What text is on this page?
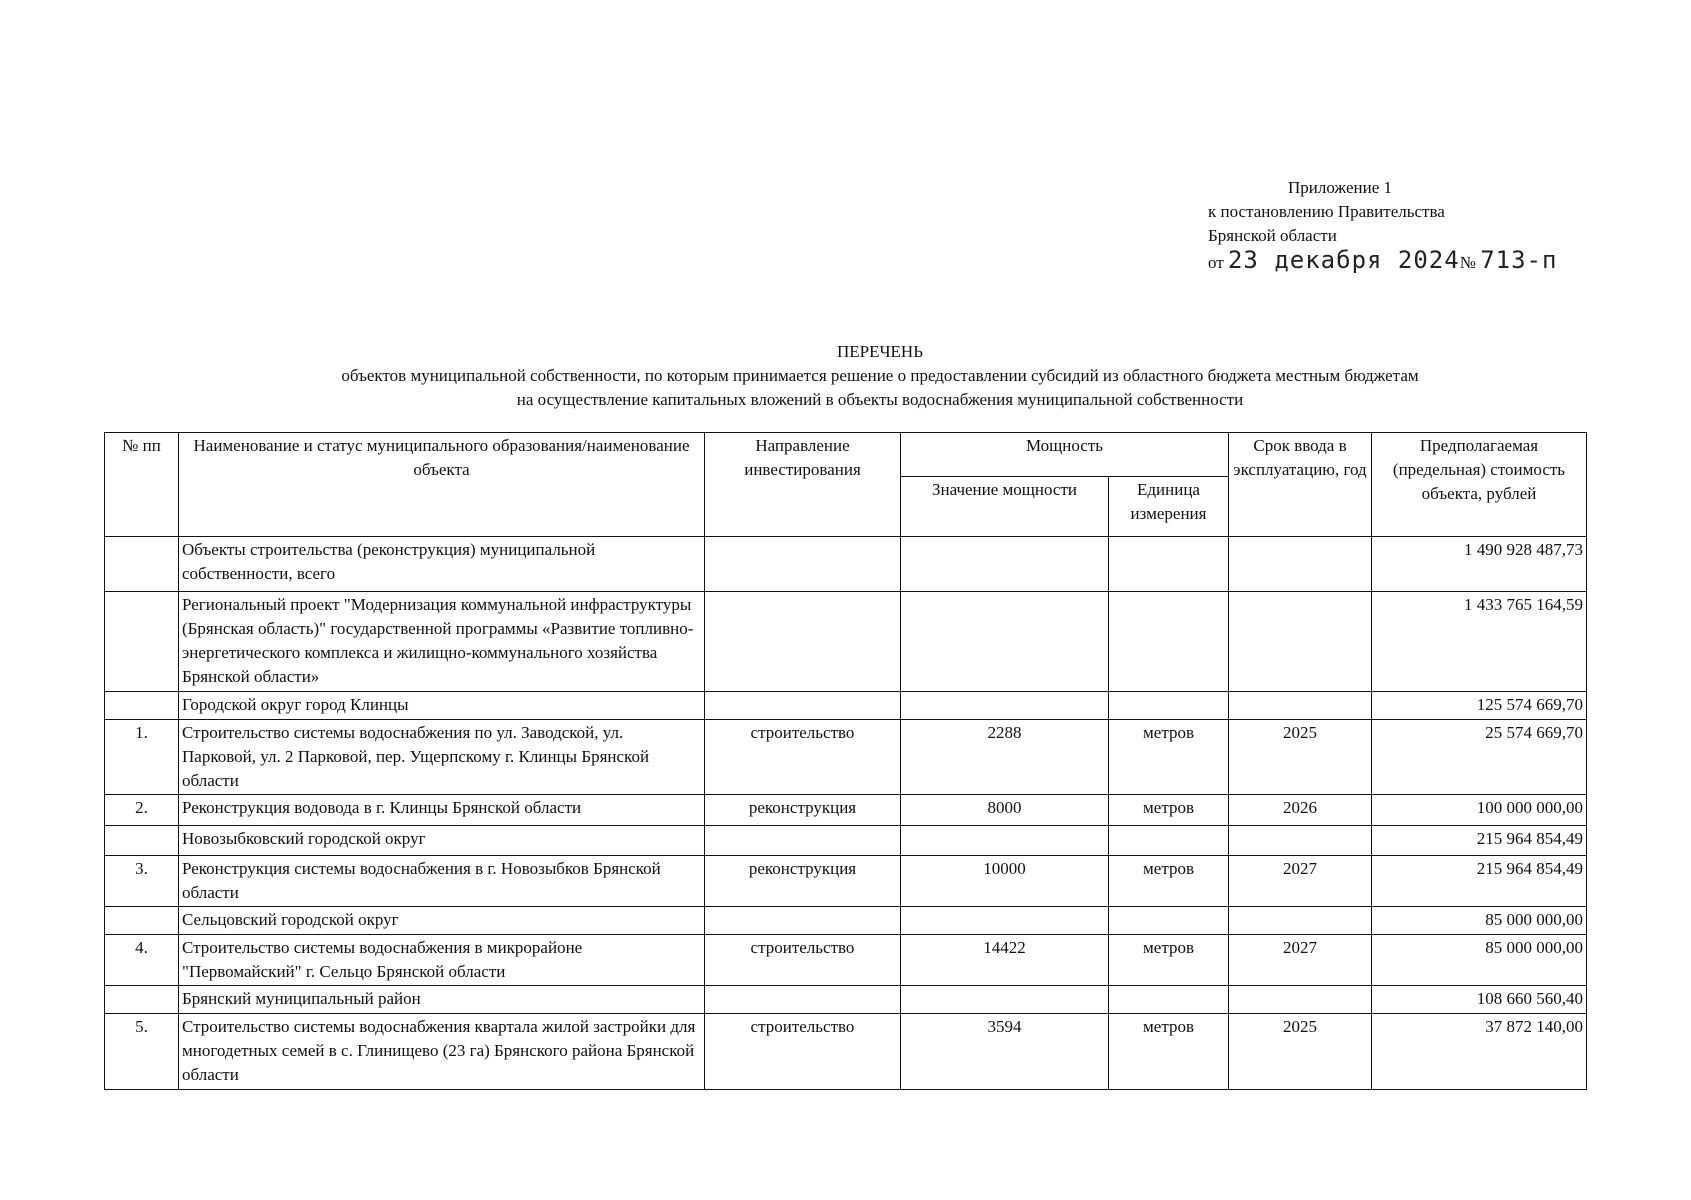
Приложение 1
к постановлению Правительства
Брянской области
от 23 декабря 2024№ 713-п
ПЕРЕЧЕНЬ
объектов муниципальной собственности, по которым принимается решение о предоставлении субсидий из областного бюджета местным бюджетам
на осуществление капитальных вложений в объекты водоснабжения муниципальной собственности
№ пп	Наименование и статус муниципального образования/наименование объекта	Направление инвестирования	Мощность		Срок ввода в эксплуатацию, год	Предполагаемая (предельная) стоимость объекта, рублей
			Значение мощности	Единица измерения		
	Объекты строительства (реконструкция) муниципальной собственности, всего					1 490 928 487,73
	Региональный проект "Модернизация коммунальной инфраструктуры (Брянская область)" государственной программы «Развитие топливно-энергетического комплекса и жилищно-коммунального хозяйства Брянской области»					1 433 765 164,59
	Городской округ город Клинцы					125 574 669,70
1.	Строительство системы водоснабжения по ул. Заводской, ул. Парковой, ул. 2 Парковой, пер. Ущерпскому г. Клинцы Брянской области	строительство	2288	метров	2025	25 574 669,70
2.	Реконструкция водовода в г. Клинцы Брянской области	реконструкция	8000	метров	2026	100 000 000,00
	Новозыбковский городской округ					215 964 854,49
3.	Реконструкция системы водоснабжения в г. Новозыбков Брянской области	реконструкция	10000	метров	2027	215 964 854,49
	Сельцовский городской округ					85 000 000,00
4.	Строительство системы водоснабжения в микрорайоне "Первомайский" г. Сельцо Брянской области	строительство	14422	метров	2027	85 000 000,00
	Брянский муниципальный район					108 660 560,40
5.	Строительство системы водоснабжения квартала жилой застройки для многодетных семей в с. Глинищево (23 га) Брянского района Брянской области	строительство	3594	метров	2025	37 872 140,00
